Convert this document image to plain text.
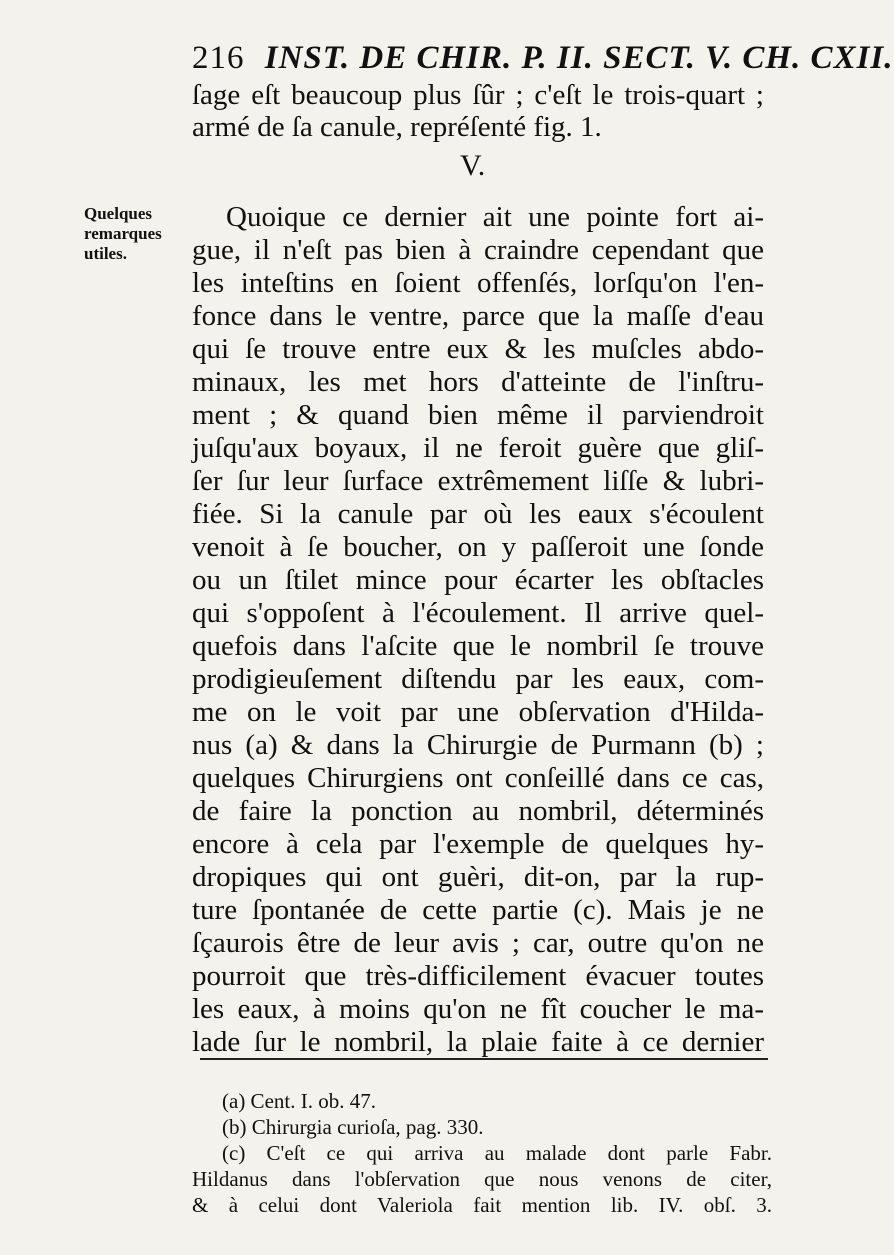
216 INST. DE CHIR. P. II. SECT. V. CH. CXII.
ſage eſt beaucoup plus ſûr ; c'eſt le trois-quart ;
armé de ſa canule, repréſenté fig. 1.
V.
Quelques
remarques
utiles.
Quoique ce dernier ait une pointe fort ai-
gue, il n'eſt pas bien à craindre cependant que
les inteſtins en ſoient offenſés, lorſqu'on l'en-
fonce dans le ventre, parce que la maſſe d'eau
qui ſe trouve entre eux & les muſcles abdo-
minaux, les met hors d'atteinte de l'inſtru-
ment ; & quand bien même il parviendroit
juſqu'aux boyaux, il ne feroit guère que gliſ-
ſer ſur leur ſurface extrêmement liſſe & lubri-
fiée. Si la canule par où les eaux s'écoulent
venoit à ſe boucher, on y paſſeroit une ſonde
ou un ſtilet mince pour écarter les obſtacles
qui s'oppoſent à l'écoulement. Il arrive quel-
quefois dans l'aſcite que le nombril ſe trouve
prodigieuſement diſtendu par les eaux, com-
me on le voit par une obſervation d'Hilda-
nus (a) & dans la Chirurgie de Purmann (b) ;
quelques Chirurgiens ont conſeillé dans ce cas,
de faire la ponction au nombril, déterminés
encore à cela par l'exemple de quelques hy-
dropiques qui ont guèri, dit-on, par la rup-
ture ſpontanée de cette partie (c). Mais je ne
ſçaurois être de leur avis ; car, outre qu'on ne
pourroit que très-difficilement évacuer toutes
les eaux, à moins qu'on ne fît coucher le ma-
lade ſur le nombril, la plaie faite à ce dernier
(a) Cent. I. ob. 47.
(b) Chirurgia curioſa, pag. 330.
(c) C'eſt ce qui arriva au malade dont parle Fabr.
Hildanus dans l'obſervation que nous venons de citer,
& à celui dont Valeriola fait mention lib. IV. obſ. 3.
